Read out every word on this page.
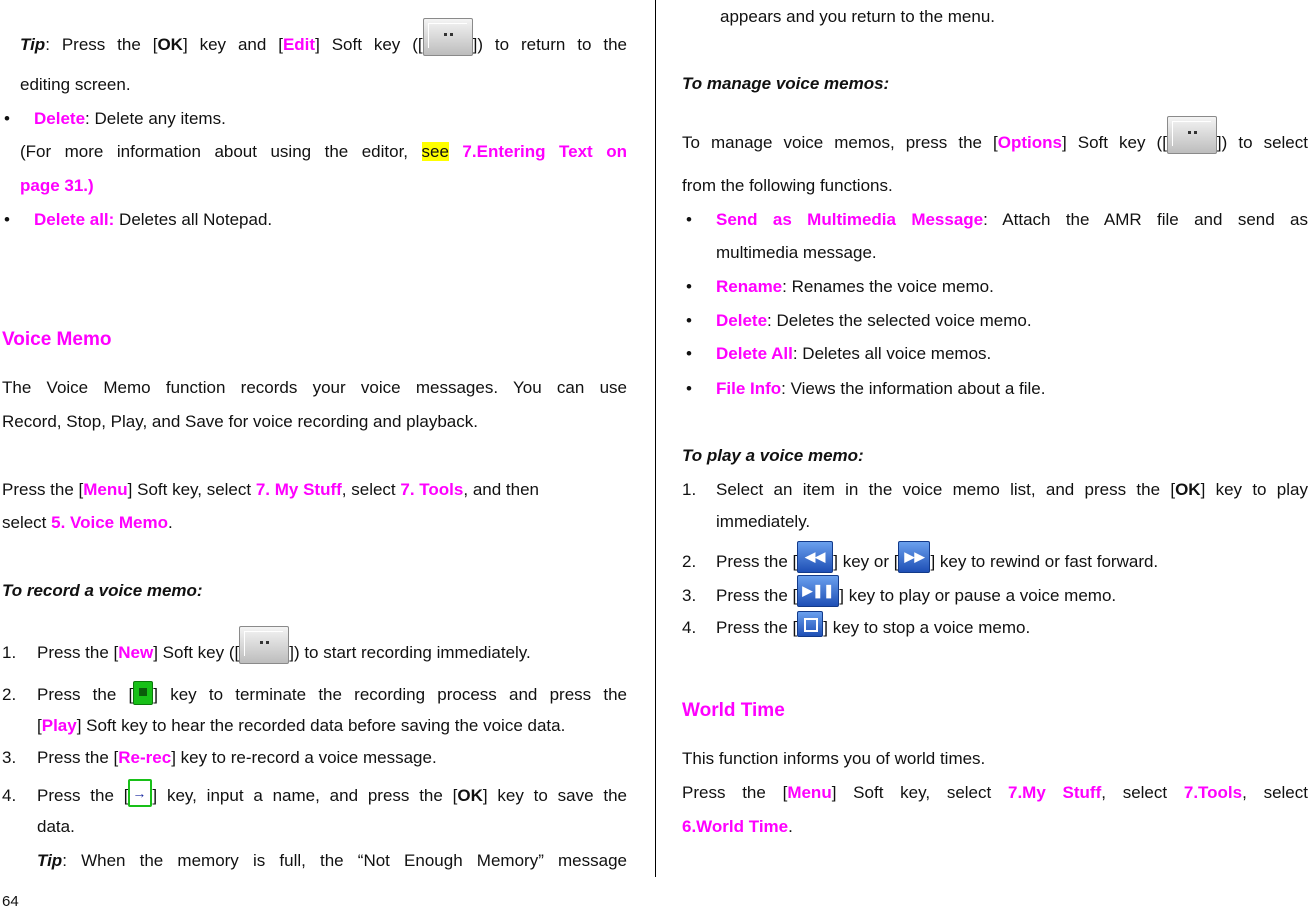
Tip: Press the [OK] key and [Edit] Soft key ([	]) to return to the
editing screen.
• Delete: Delete any items.
(For more information about using the editor, see 7.Entering Text on
page 31.)
• Delete all: Deletes all Notepad.
Voice Memo
The Voice Memo function records your voice messages. You can use
Record, Stop, Play, and Save for voice recording and playback.
Press the [Menu] Soft key, select 7. My Stuff, select 7. Tools, and then
select 5. Voice Memo.
To record a voice memo:
1. Press the [New] Soft key ([	]) to start recording immediately.
2. Press the [ ] key to terminate the recording process and press the
[Play] Soft key to hear the recorded data before saving the voice data.
3. Press the [Re-rec] key to re-record a voice message.
4. Press the [→ ] key, input a name, and press the [OK] key to save the
data.
Tip: When the memory is full, the “Not Enough Memory” message
appears and you return to the menu.
To manage voice memos:
To manage voice memos, press the [Options] Soft key ([	]) to select
from the following functions.
• Send as Multimedia Message: Attach the AMR file and send as
multimedia message.
• Rename: Renames the voice memo.
• Delete: Deletes the selected voice memo.
• Delete All: Deletes all voice memos.
• File Info: Views the information about a file.
To play a voice memo:
1. Select an item in the voice memo list, and press the [OK] key to play
immediately.
2. Press the [ ◀◀ ] key or [ ▶▶ ] key to rewind or fast forward.
3. Press the [ ▶❚❚ ] key to play or pause a voice memo.
4. Press the [ ] key to stop a voice memo.
World Time
This function informs you of world times.
Press the [Menu] Soft key, select 7.My Stuff, select 7.Tools, select
6.World Time.
64
